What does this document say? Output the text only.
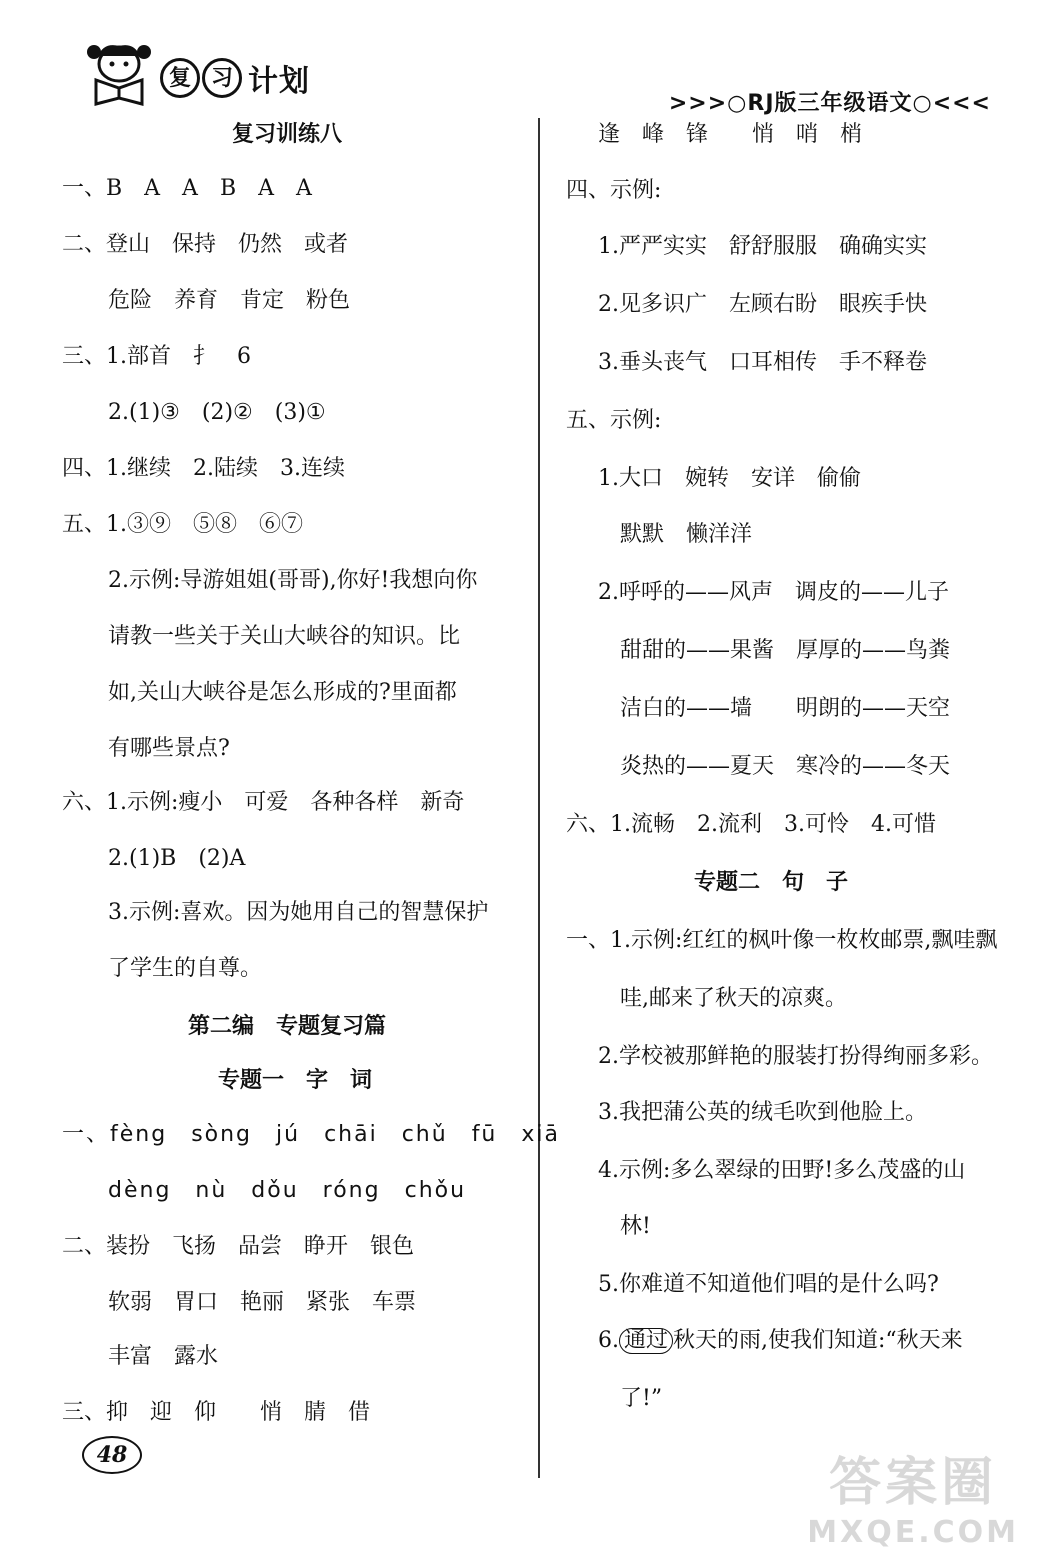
复 习 计划
>>>○RJ版三年级语文○<<<
复习训练八
一、B　A　A　B　A　A
二、登山　保持　仍然　或者
危险　养育　肯定　粉色
三、1.部首　扌　6
2.(1)③　(2)②　(3)①
四、1.继续　2.陆续　3.连续
五、1.③⑨　⑤⑧　⑥⑦
2.示例:导游姐姐(哥哥),你好!我想向你
请教一些关于关山大峡谷的知识。比
如,关山大峡谷是怎么形成的?里面都
有哪些景点?
六、1.示例:瘦小　可爱　各种各样　新奇
2.(1)B　(2)A
3.示例:喜欢。因为她用自己的智慧保护
了学生的自尊。
第二编　专题复习篇
专题一　字　词
一、fèng　sòng　jú　chāi　chǔ　fū　xiā
dèng　nù　dǒu　róng　chǒu
二、装扮　飞扬　品尝　睁开　银色
软弱　胃口　艳丽　紧张　车票
丰富　露水
三、抑　迎　仰　　悄　腈　借
逢　峰　锋　　悄　哨　梢
四、示例:
1.严严实实　舒舒服服　确确实实
2.见多识广　左顾右盼　眼疾手快
3.垂头丧气　口耳相传　手不释卷
五、示例:
1.大口　婉转　安详　偷偷
默默　懒洋洋
2.呼呼的——风声　调皮的——儿子
甜甜的——果酱　厚厚的——鸟粪
洁白的——墙　　明朗的——天空
炎热的——夏天　寒冷的——冬天
六、1.流畅　2.流利　3.可怜　4.可惜
专题二　句　子
一、1.示例:红红的枫叶像一枚枚邮票,飘哇飘
哇,邮来了秋天的凉爽。
2.学校被那鲜艳的服装打扮得绚丽多彩。
3.我把蒲公英的绒毛吹到他脸上。
4.示例:多么翠绿的田野!多么茂盛的山
林!
5.你难道不知道他们唱的是什么吗?
6. 通过 秋天的雨,使我们知道:“秋天来
了!”
48	答案圈
MXQE.COM
